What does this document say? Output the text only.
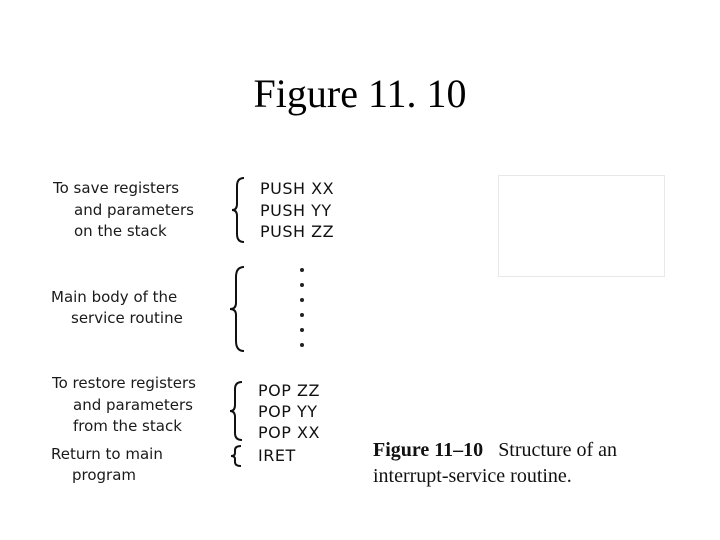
Figure 11. 10
To save registers
and parameters
on the stack
PUSH XX
PUSH YY
PUSH ZZ
Main body of the
service routine
To restore registers
and parameters
from the stack
POP ZZ
POP YY
POP XX
Return to main
program
IRET	Figure 11–10 Structure of an
interrupt-service routine.
